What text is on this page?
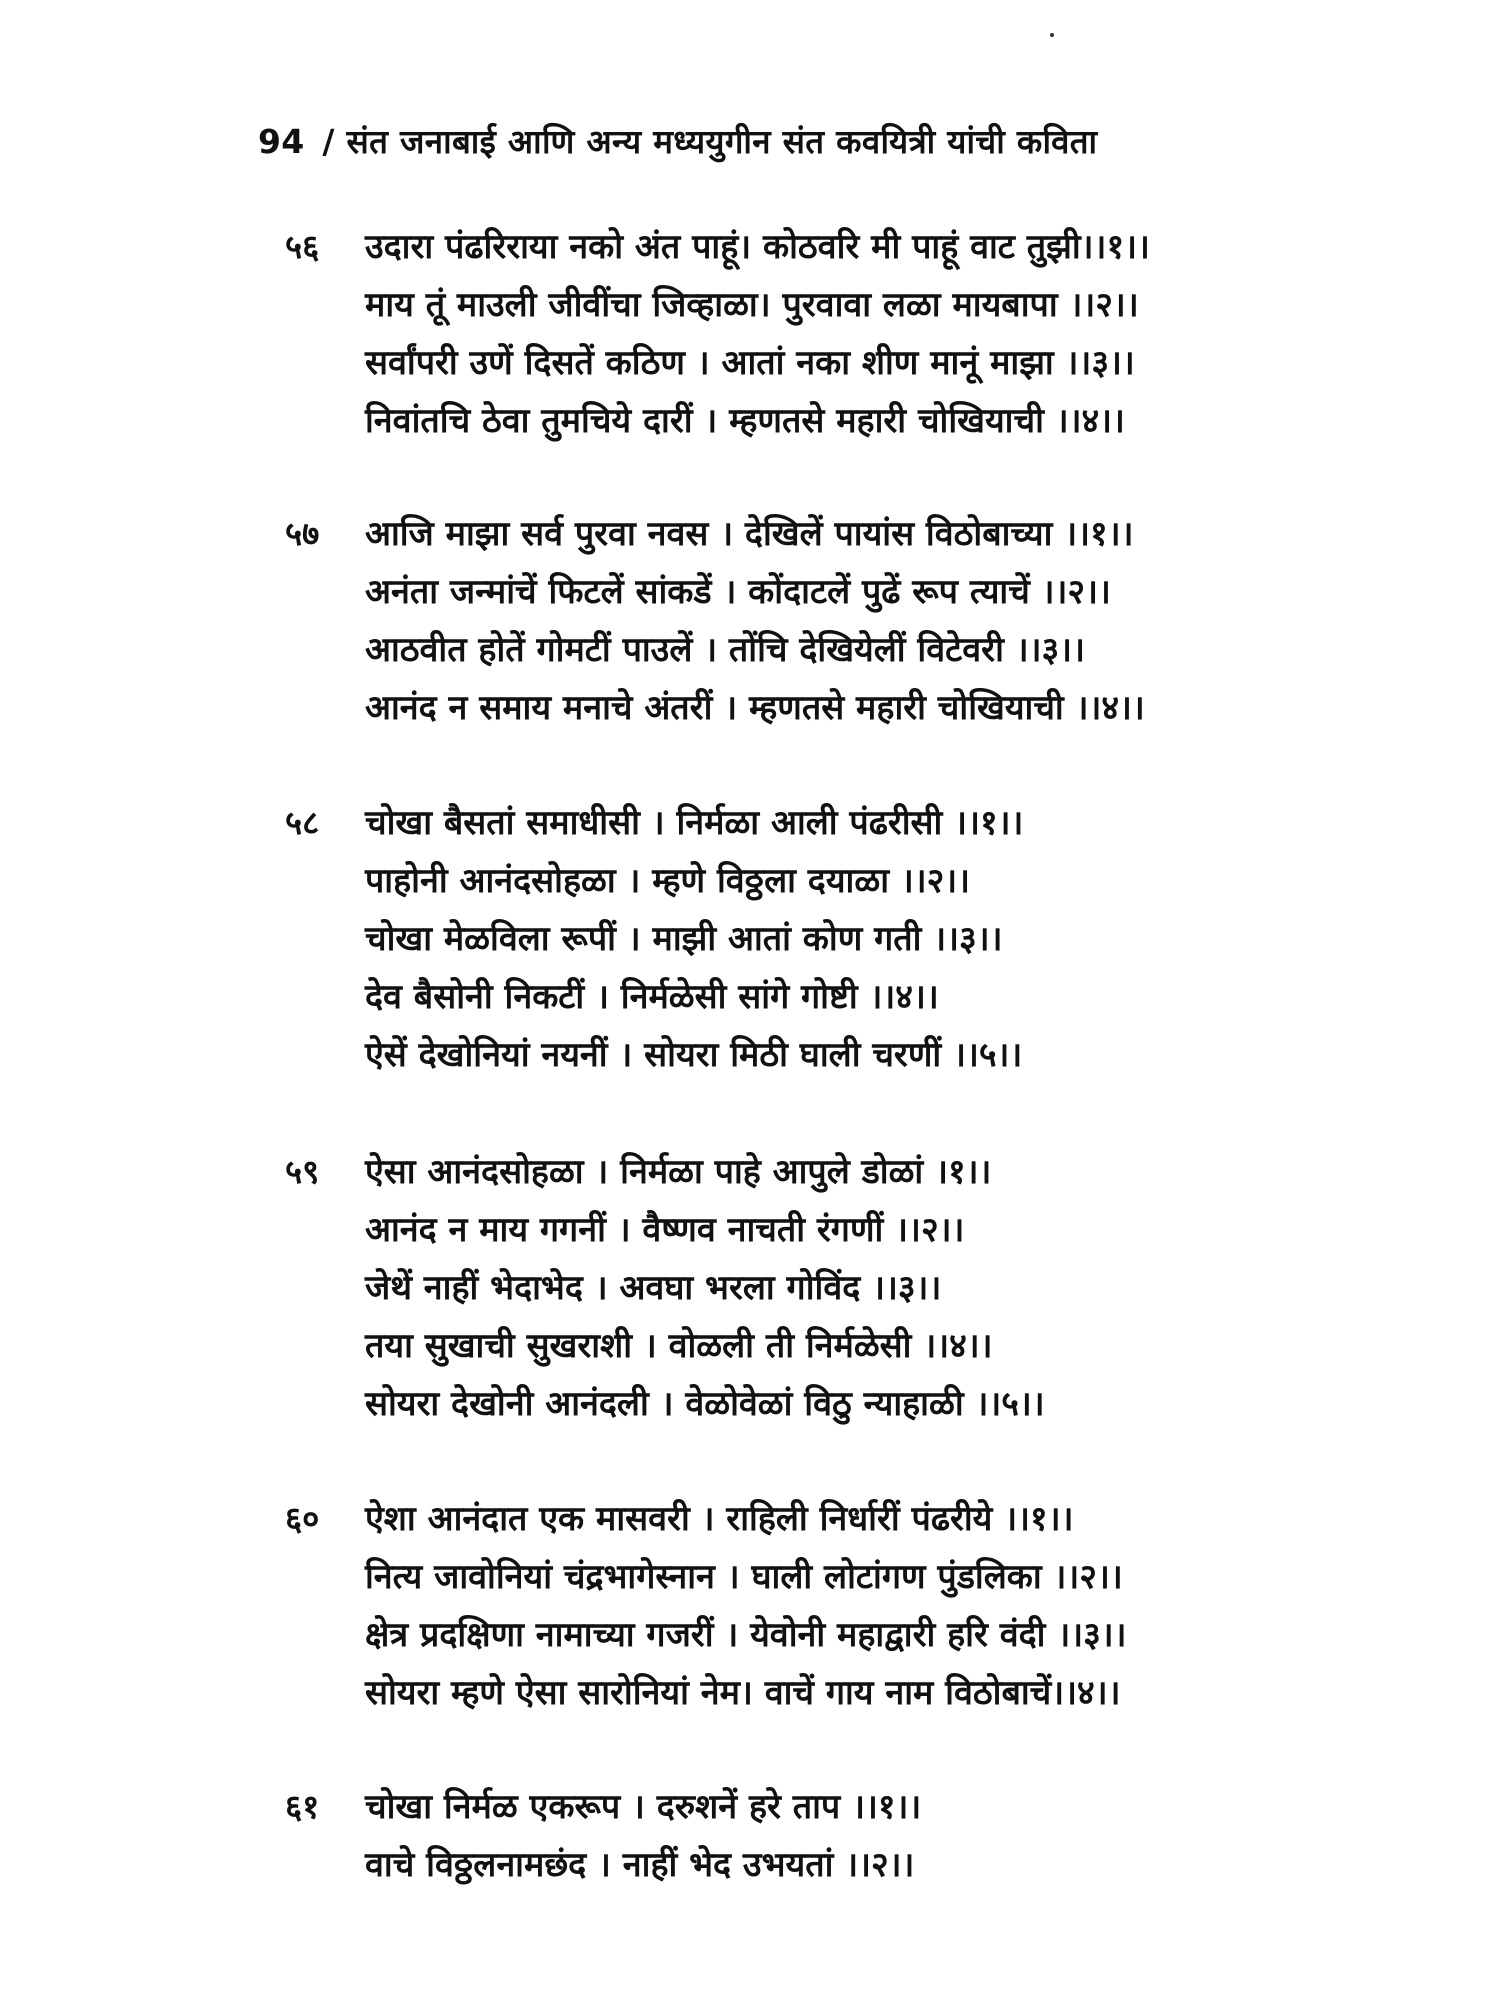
94 / संत जनाबाई आणि अन्य मध्ययुगीन संत कवयित्री यांची कविता
५६ उदारा पंढरिराया नको अंत पाहूं। कोठवरि मी पाहूं वाट तुझी।।१।।
माय तूं माउली जीवींचा जिव्हाळा। पुरवावा लळा मायबापा ।।२।।
सर्वांपरी उणें दिसतें कठिण । आतां नका शीण मानूं माझा ।।३।।
निवांतचि ठेवा तुमचिये दारीं । म्हणतसे महारी चोखियाची ।।४।।
५७ आजि माझा सर्व पुरवा नवस । देखिलें पायांस विठोबाच्या ।।१।।
अनंता जन्मांचें फिटलें सांकडें । कोंदाटलें पुढें रूप त्याचें ।।२।।
आठवीत होतें गोमटीं पाउलें । तोंचि देखियेलीं विटेवरी ।।३।।
आनंद न समाय मनाचे अंतरीं । म्हणतसे महारी चोखियाची ।।४।।
५८ चोखा बैसतां समाधीसी । निर्मळा आली पंढरीसी ।।१।।
पाहोनी आनंदसोहळा । म्हणे विठ्ठला दयाळा ।।२।।
चोखा मेळविला रूपीं । माझी आतां कोण गती ।।३।।
देव बैसोनी निकटीं । निर्मळेसी सांगे गोष्टी ।।४।।
ऐसें देखोनियां नयनीं । सोयरा मिठी घाली चरणीं ।।५।।
५९ ऐसा आनंदसोहळा । निर्मळा पाहे आपुले डोळां ।१।।
आनंद न माय गगनीं । वैष्णव नाचती रंगणीं ।।२।।
जेथें नाहीं भेदाभेद । अवघा भरला गोविंद ।।३।।
तया सुखाची सुखराशी । वोळली ती निर्मळेसी ।।४।।
सोयरा देखोनी आनंदली । वेळोवेळां विठु न्याहाळी ।।५।।
६० ऐशा आनंदात एक मासवरी । राहिली निर्धारीं पंढरीये ।।१।।
नित्य जावोनियां चंद्रभागेस्नान । घाली लोटांगण पुंडलिका ।।२।।
क्षेत्र प्रदक्षिणा नामाच्या गजरीं । येवोनी महाद्वारी हरि वंदी ।।३।।
सोयरा म्हणे ऐसा सारोनियां नेम। वाचें गाय नाम विठोबाचें।।४।।
६१ चोखा निर्मळ एकरूप । दरुशनें हरे ताप ।।१।।
वाचे विठ्ठलनामछंद । नाहीं भेद उभयतां ।।२।।
